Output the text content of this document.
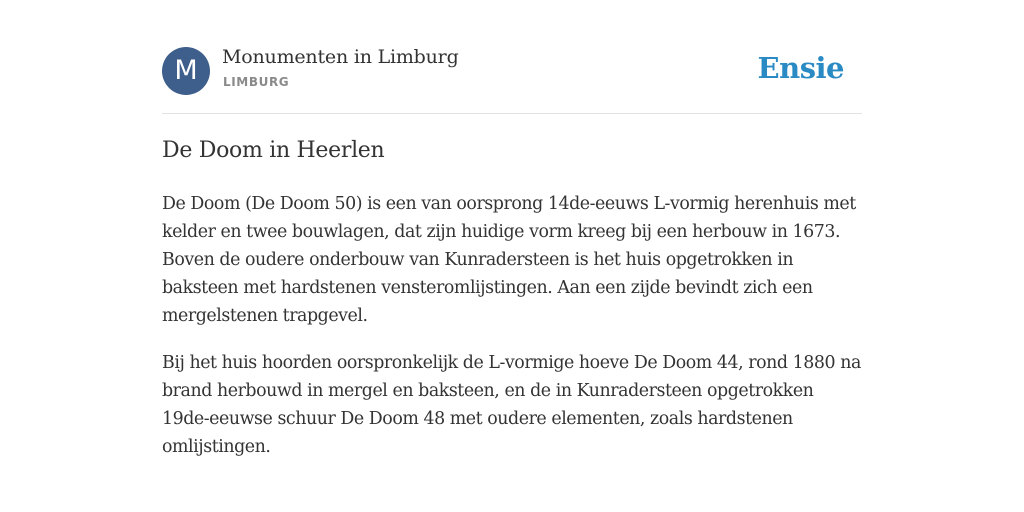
M	Monumenten in Limburg
LIMBURG	Ensie
De Doom in Heerlen

De Doom (De Doom 50) is een van oorsprong 14de-eeuws L-vormig herenhuis met kelder en twee bouwlagen, dat zijn huidige vorm kreeg bij een herbouw in 1673. Boven de oudere onderbouw van Kunradersteen is het huis opgetrokken in baksteen met hardstenen vensteromlijstingen. Aan een zijde bevindt zich een mergelstenen trapgevel.

Bij het huis hoorden oorspronkelijk de L-vormige hoeve De Doom 44, rond 1880 na brand herbouwd in mergel en baksteen, en de in Kunradersteen opgetrokken 19de-eeuwse schuur De Doom 48 met oudere elementen, zoals hardstenen omlijstingen.
